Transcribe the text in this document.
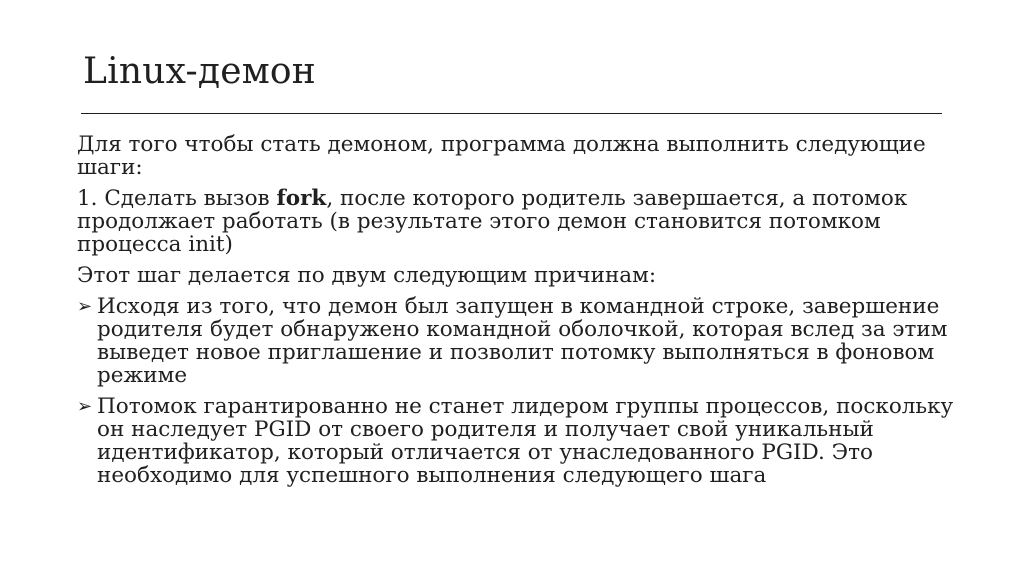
Linux-демон

Для того чтобы стать демоном, программа должна выполнить следующие шаги:

1. Сделать вызов fork, после которого родитель завершается, а потомок продолжает работать (в результате этого демон становится потомком процесса init)

Этот шаг делается по двум следующим причинам:

➢ Исходя из того, что демон был запущен в командной строке, завершение родителя будет обнаружено командной оболочкой, которая вслед за этим выведет новое приглашение и позволит потомку выполняться в фоновом режиме
➢ Потомок гарантированно не станет лидером группы процессов, поскольку он наследует PGID от своего родителя и получает свой уникальный идентификатор, который отличается от унаследованного PGID. Это необходимо для успешного выполнения следующего шага
